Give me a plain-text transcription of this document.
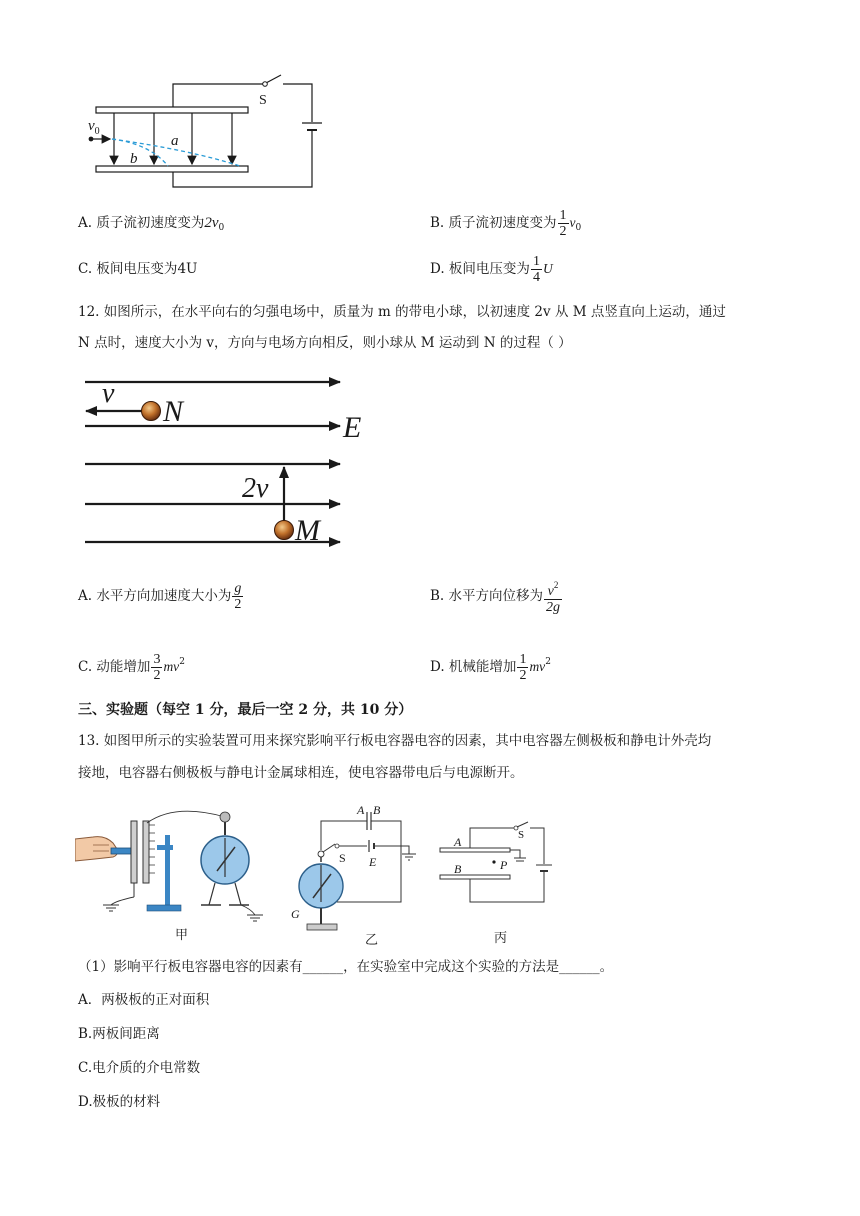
$v_0$
a
b
S
A. 质子流初速度变为$2v_0$	B. 质子流初速度变为 $\frac{1}{2} v_0$
C. 板间电压变为4U	D. 板间电压变为 $\frac{1}{4}$ U
12. 如图所示，在水平向右的匀强电场中，质量为 m 的带电小球，以初速度 2v 从 M 点竖直向上运动，通过
N 点时，速度大小为 v，方向与电场方向相反，则小球从 M 运动到 N 的过程（ ）
v
N	E
2v
M
A. 水平方向加速度大小为 $\frac{g}{2}$	B. 水平方向位移为 $\frac{v^2}{2g}$
C. 动能增加 $\frac{3}{2} mv^2$	D. 机械能增加 $\frac{1}{2} mv^2$
三、实验题（每空 1 分，最后一空 2 分，共 10 分）
13. 如图甲所示的实验装置可用来探究影响平行板电容器电容的因素，其中电容器左侧极板和静电计外壳均
接地，电容器右侧极板与静电计金属球相连，使电容器带电后与电源断开。
甲
A B
S E
G
乙
A
B	P
S
丙
（1）影响平行板电容器电容的因素有______，在实验室中完成这个实验的方法是______。
A．两极板的正对面积
B.两板间距离
C.电介质的介电常数
D.极板的材料
